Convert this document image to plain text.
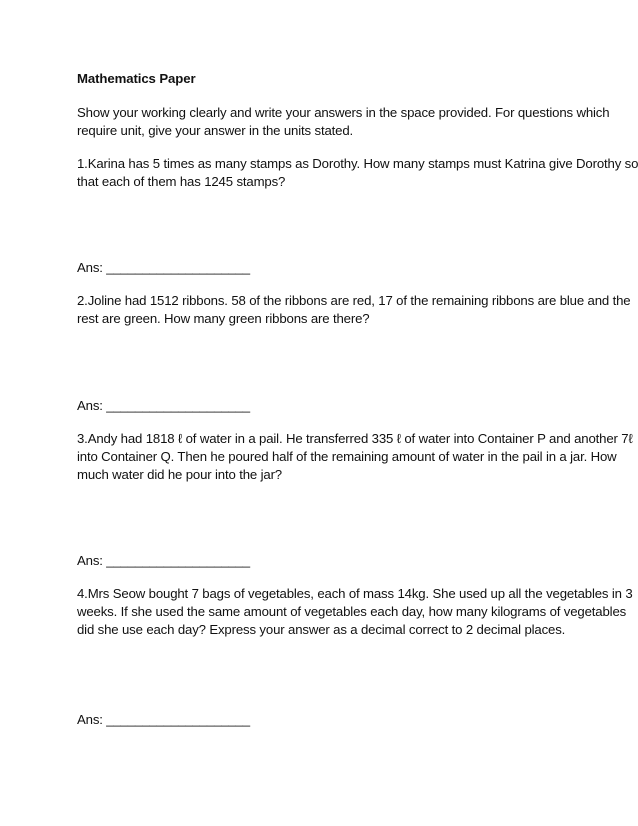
Mathematics Paper
Show your working clearly and write your answers in the space provided. For questions which
require unit, give your answer in the units stated.
1.Karina has 5 times as many stamps as Dorothy. How many stamps must Katrina give Dorothy so
that each of them has 1245 stamps?
Ans: ____________________
2.Joline had 1512 ribbons. 58 of the ribbons are red, 17 of the remaining ribbons are blue and the
rest are green. How many green ribbons are there?
Ans: ____________________
3.Andy had 1818 ℓ of water in a pail. He transferred 335 ℓ of water into Container P and another 7ℓ
into Container Q. Then he poured half of the remaining amount of water in the pail in a jar. How
much water did he pour into the jar?
Ans: ____________________
4.Mrs Seow bought 7 bags of vegetables, each of mass 14kg. She used up all the vegetables in 3
weeks. If she used the same amount of vegetables each day, how many kilograms of vegetables
did she use each day? Express your answer as a decimal correct to 2 decimal places.
Ans: ____________________
